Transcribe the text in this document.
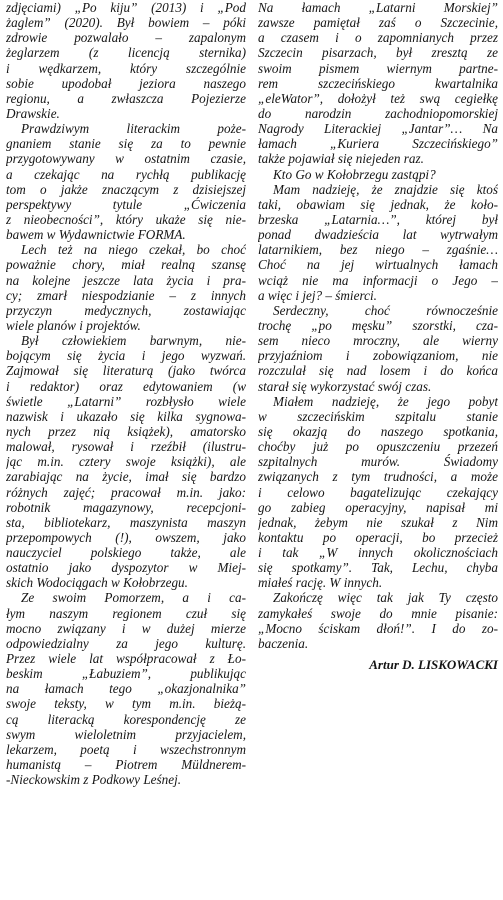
zdjęciami) „Po kiju” (2013) i „Pod
żaglem” (2020). Był bowiem – póki
zdrowie pozwalało – zapalonym
żeglarzem (z licencją sternika)
i wędkarzem, który szczególnie
sobie upodobał jeziora naszego
regionu, a zwłaszcza Pojezierze
Drawskie.
Prawdziwym literackim poże-
gnaniem stanie się za to pewnie
przygotowywany w ostatnim czasie,
a czekając na rychłą publikację
tom o jakże znaczącym z dzisiejszej
perspektywy tytule „Ćwiczenia
z nieobecności”, który ukaże się nie-
bawem w Wydawnictwie FORMA.
Lech też na niego czekał, bo choć
poważnie chory, miał realną szansę
na kolejne jeszcze lata życia i pra-
cy; zmarł niespodzianie – z innych
przyczyn medycznych, zostawiając
wiele planów i projektów.
Był człowiekiem barwnym, nie-
bojącym się życia i jego wyzwań.
Zajmował się literaturą (jako twórca
i redaktor) oraz edytowaniem (w
świetle „Latarni” rozbłysło wiele
nazwisk i ukazało się kilka sygnowa-
nych przez nią książek), amatorsko
malował, rysował i rzeźbił (ilustru-
jąc m.in. cztery swoje książki), ale
zarabiając na życie, imał się bardzo
różnych zajęć; pracował m.in. jako:
robotnik magazynowy, recepcjoni-
sta, bibliotekarz, maszynista maszyn
przepompowych (!), owszem, jako
nauczyciel polskiego także, ale
ostatnio jako dyspozytor w Miej-
skich Wodociągach w Kołobrzegu.
Ze swoim Pomorzem, a i ca-
łym naszym regionem czuł się
mocno związany i w dużej mierze
odpowiedzialny za jego kulturę.
Przez wiele lat współpracował z Ło-
beskim „Łabuziem”, publikując
na łamach tego „okazjonalnika”
swoje teksty, w tym m.in. bieżą-
cą literacką korespondencję ze
swym wieloletnim przyjacielem,
lekarzem, poetą i wszechstronnym
humanistą – Piotrem Müldnerem-
-Nieckowskim z Podkowy Leśnej.
Na łamach „Latarni Morskiej”
zawsze pamiętał zaś o Szczecinie,
a czasem i o zapomnianych przez
Szczecin pisarzach, był zresztą ze
swoim pismem wiernym partne-
rem szczecińskiego kwartalnika
„eleWator”, dołożył też swą cegiełkę
do narodzin zachodniopomorskiej
Nagrody Literackiej „Jantar”… Na
łamach „Kuriera Szczecińskiego”
także pojawiał się niejeden raz.
Kto Go w Kołobrzegu zastąpi?
Mam nadzieję, że znajdzie się ktoś
taki, obawiam się jednak, że koło-
brzeska „Latarnia…”, której był
ponad dwadzieścia lat wytrwałym
latarnikiem, bez niego – zgaśnie…
Choć na jej wirtualnych łamach
wciąż nie ma informacji o Jego –
a więc i jej? – śmierci.
Serdeczny, choć równocześnie
trochę „po męsku” szorstki, cza-
sem nieco mroczny, ale wierny
przyjaźniom i zobowiązaniom, nie
rozczulał się nad losem i do końca
starał się wykorzystać swój czas.
Miałem nadzieję, że jego pobyt
w szczecińskim szpitalu stanie
się okazją do naszego spotkania,
choćby już po opuszczeniu przezeń
szpitalnych murów. Świadomy
związanych z tym trudności, a może
i celowo bagatelizując czekający
go zabieg operacyjny, napisał mi
jednak, żebym nie szukał z Nim
kontaktu po operacji, bo przecież
i tak „W innych okolicznościach
się spotkamy”. Tak, Lechu, chyba
miałeś rację. W innych.
Zakończę więc tak jak Ty często
zamykałeś swoje do mnie pisanie:
„Mocno ściskam dłoń!”. I do zo-
baczenia.
Artur D. LISKOWACKI
